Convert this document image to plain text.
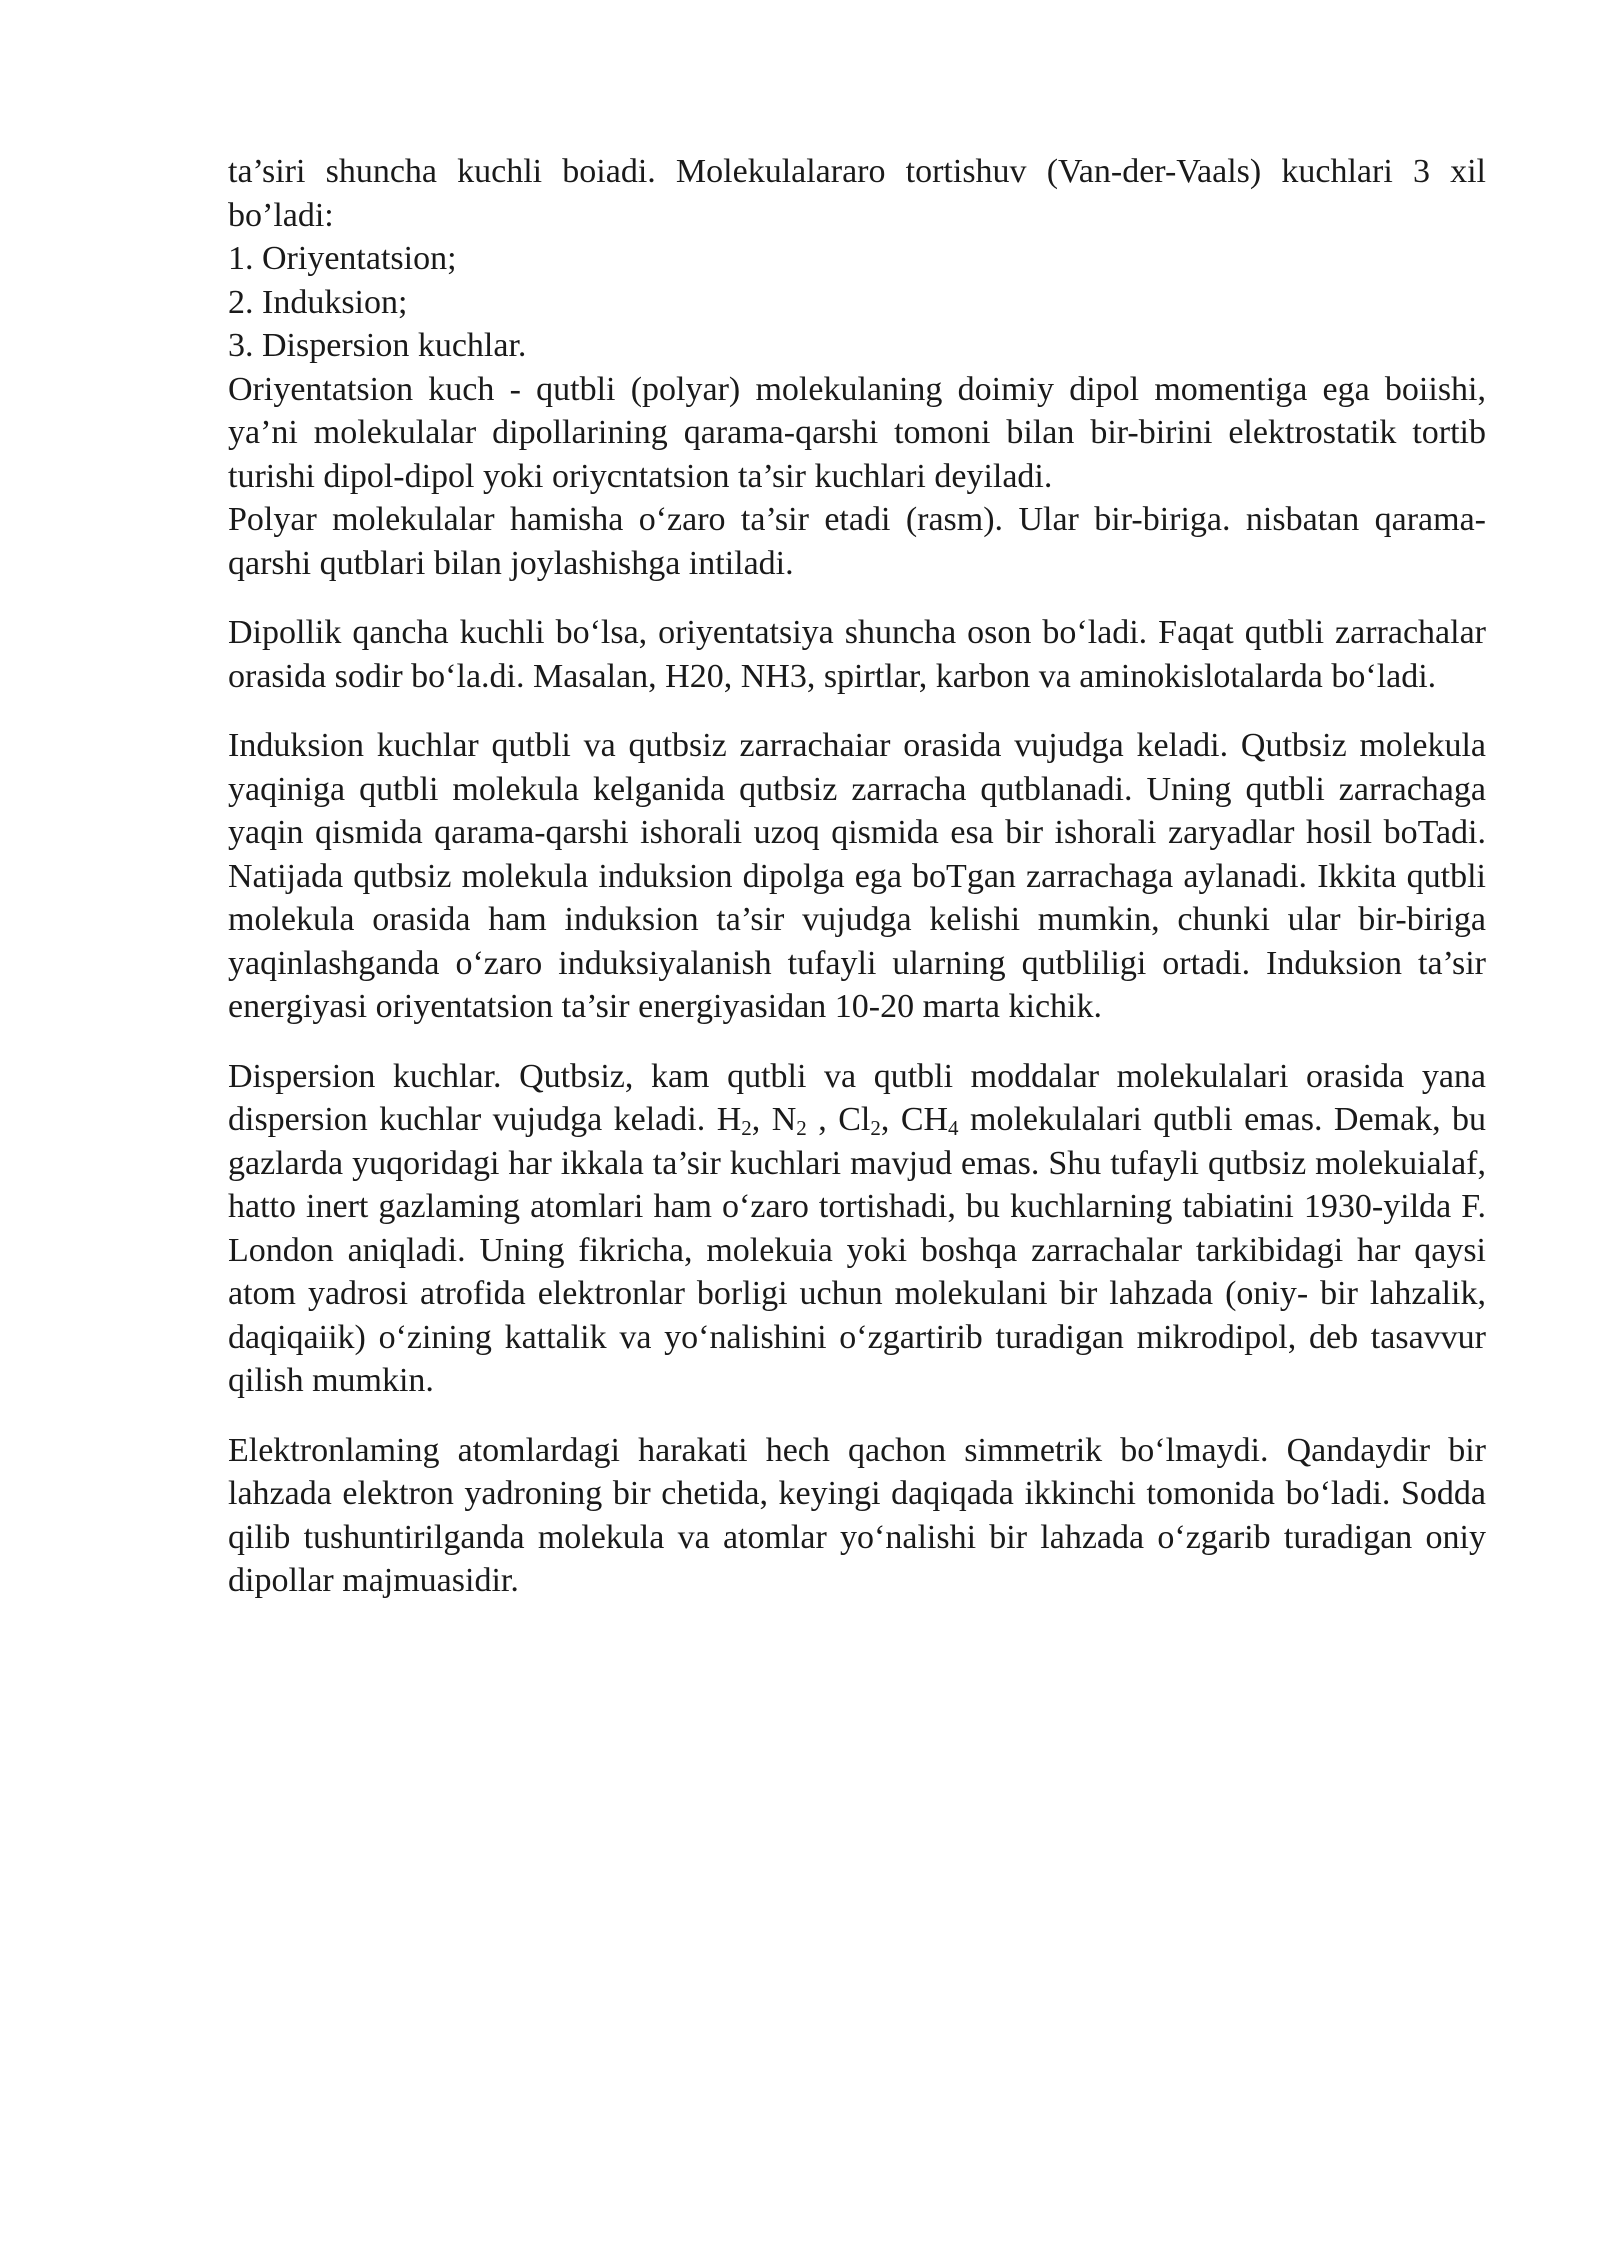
ta’siri shuncha kuchli boiadi. Molekulalararo tortishuv (Van-der-Vaals) kuchlari 3 xil bo’ladi:

1. Oriyentatsion;

2. Induksion;

3. Dispersion kuchlar.

Oriyentatsion kuch - qutbli (polyar) molekulaning doimiy dipol momentiga ega boiishi, ya’ni molekulalar dipollarining qarama-qarshi tomoni bilan bir-birini elektrostatik tortib turishi dipol-dipol yoki oriycntatsion ta’sir kuchlari deyiladi.

Polyar molekulalar hamisha o‘zaro ta’sir etadi (rasm). Ular bir-biriga. nisbatan qarama-qarshi qutblari bilan joylashishga intiladi.

Dipollik qancha kuchli bo‘lsa, oriyentatsiya shuncha oson bo‘ladi. Faqat qutbli zarrachalar orasida sodir bo‘la.di. Masalan, H20, NH3, spirtlar, karbon va aminokislotalarda bo‘ladi.

Induksion kuchlar qutbli va qutbsiz zarrachaiar orasida vujudga keladi. Qutbsiz molekula yaqiniga qutbli molekula kelganida qutbsiz zarracha qutblanadi. Uning qutbli zarrachaga yaqin qismida qarama-qarshi ishorali uzoq qismida esa bir ishorali zaryadlar hosil boTadi. Natijada qutbsiz molekula induksion dipolga ega boTgan zarrachaga aylanadi. Ikkita qutbli molekula orasida ham induksion ta’sir vujudga kelishi mumkin, chunki ular bir-biriga yaqinlashganda o‘zaro induksiyalanish tufayli ularning qutbliligi ortadi. Induksion ta’sir energiyasi oriyentatsion ta’sir energiyasidan 10-20 marta kichik.

Dispersion kuchlar. Qutbsiz, kam qutbli va qutbli moddalar molekulalari orasida yana dispersion kuchlar vujudga keladi. $H_2$, $N_2$ , $Cl_2$, $CH_4$ molekulalari qutbli emas. Demak, bu gazlarda yuqoridagi har ikkala ta’sir kuchlari mavjud emas. Shu tufayli qutbsiz molekuialaf, hatto inert gazlaming atomlari ham o‘zaro tortishadi, bu kuchlarning tabiatini 1930-yilda F. London aniqladi. Uning fikricha, molekuia yoki boshqa zarrachalar tarkibidagi har qaysi atom yadrosi atrofida elektronlar borligi uchun molekulani bir lahzada (oniy- bir lahzalik, daqiqaiik) o‘zining kattalik va yo‘nalishini o‘zgartirib turadigan mikrodipol, deb tasavvur qilish mumkin.

Elektronlaming atomlardagi harakati hech qachon simmetrik bo‘lmaydi. Qandaydir bir lahzada elektron yadroning bir chetida, keyingi daqiqada ikkinchi tomonida bo‘ladi. Sodda qilib tushuntirilganda molekula va atomlar yo‘nalishi bir lahzada o‘zgarib turadigan oniy dipollar majmuasidir.
